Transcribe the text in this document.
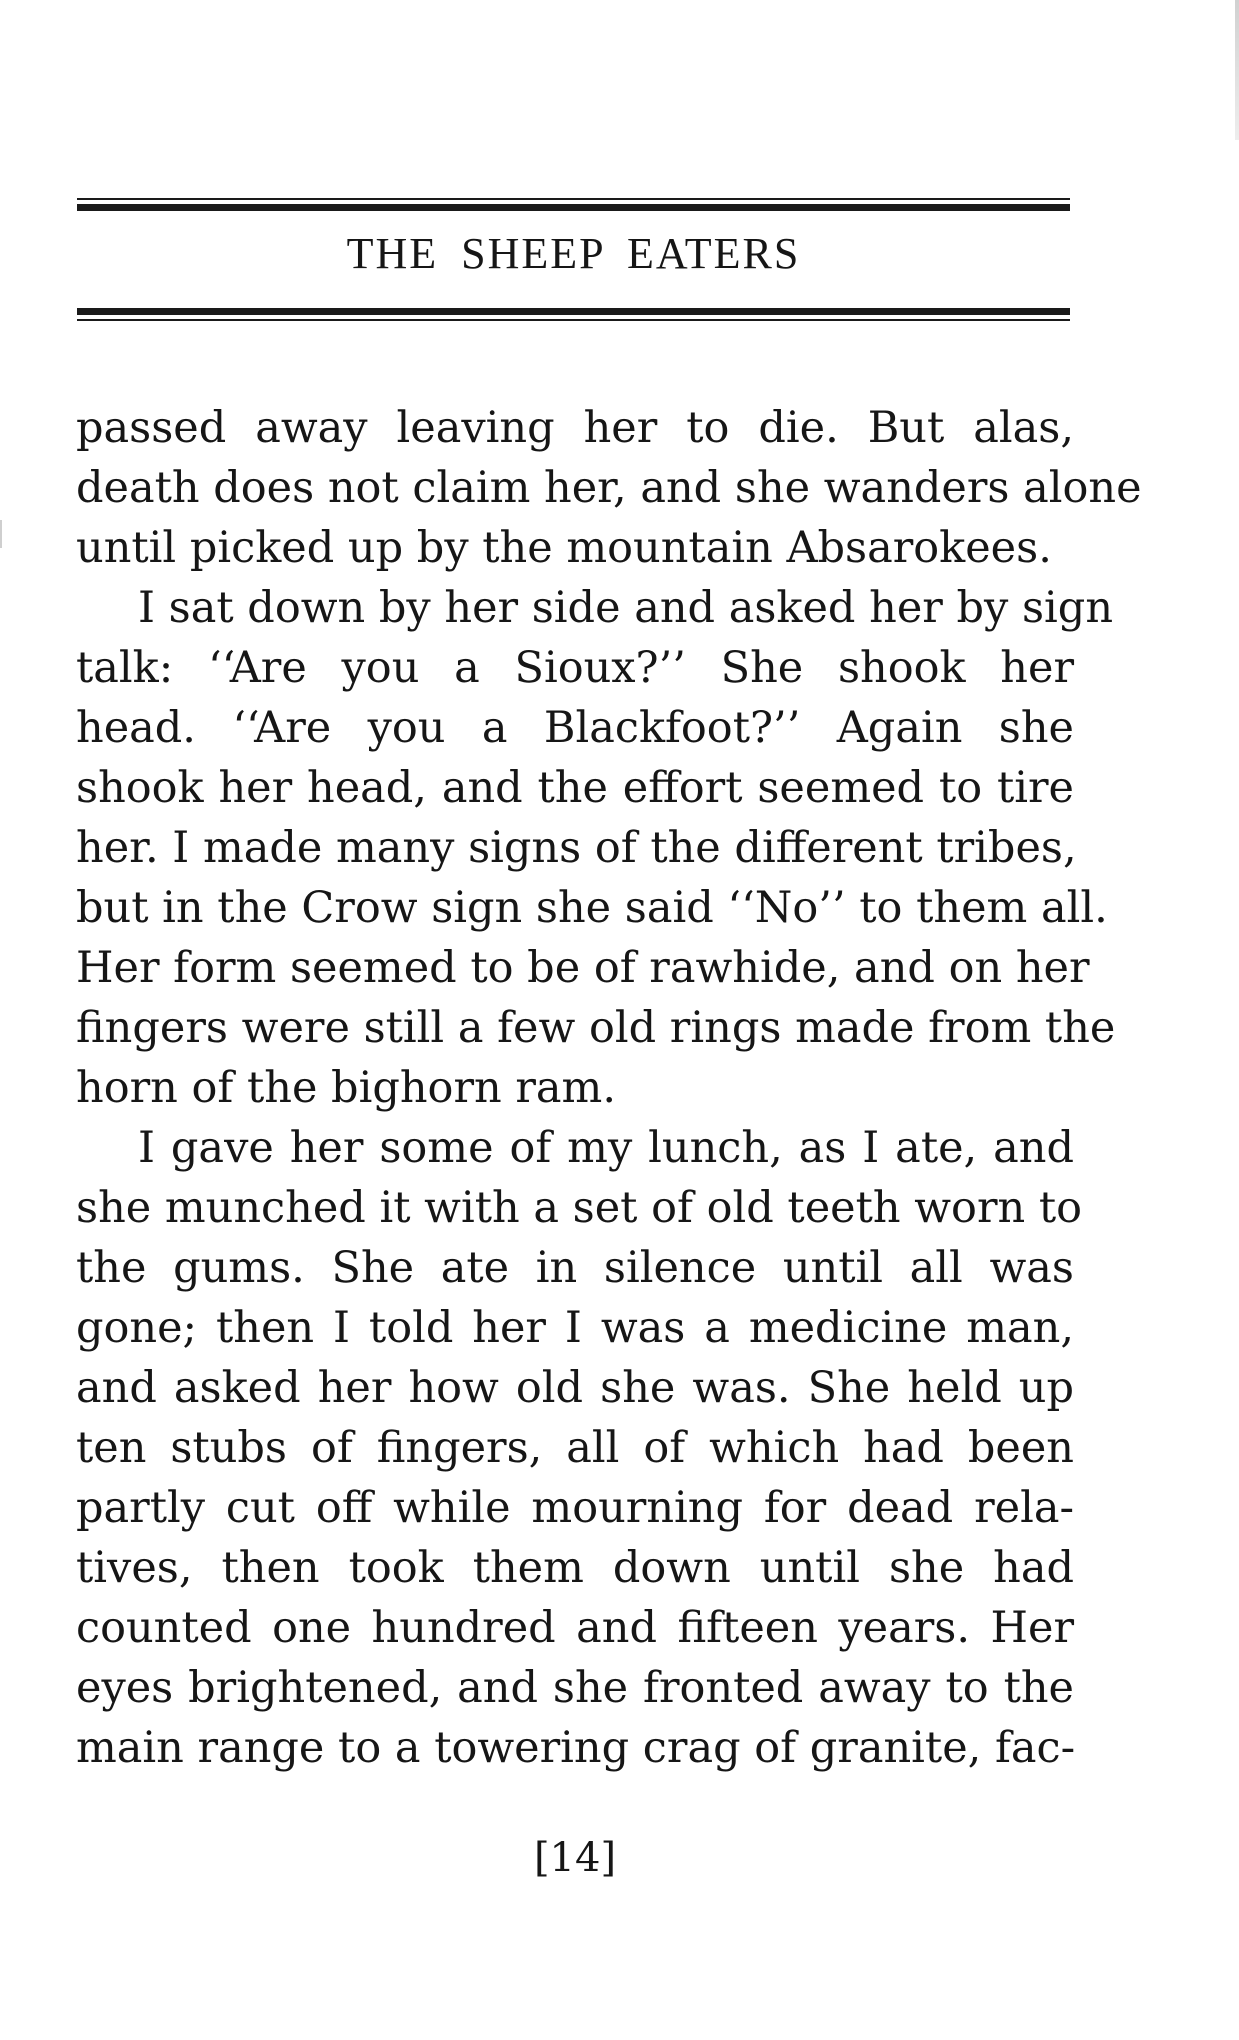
THE SHEEP EATERS
passed away leaving her to die. But alas,
death does not claim her, and she wanders alone
until picked up by the mountain Absarokees.
I sat down by her side and asked her by sign
talk: ‘‘Are you a Sioux?’’ She shook her
head. ‘‘Are you a Blackfoot?’’ Again she
shook her head, and the effort seemed to tire
her. I made many signs of the different tribes,
but in the Crow sign she said ‘‘No’’ to them all.
Her form seemed to be of rawhide, and on her
fingers were still a few old rings made from the
horn of the bighorn ram.
I gave her some of my lunch, as I ate, and
she munched it with a set of old teeth worn to
the gums. She ate in silence until all was
gone; then I told her I was a medicine man,
and asked her how old she was. She held up
ten stubs of fingers, all of which had been
partly cut off while mourning for dead rela-
tives, then took them down until she had
counted one hundred and fifteen years. Her
eyes brightened, and she fronted away to the
main range to a towering crag of granite, fac-
[14]
